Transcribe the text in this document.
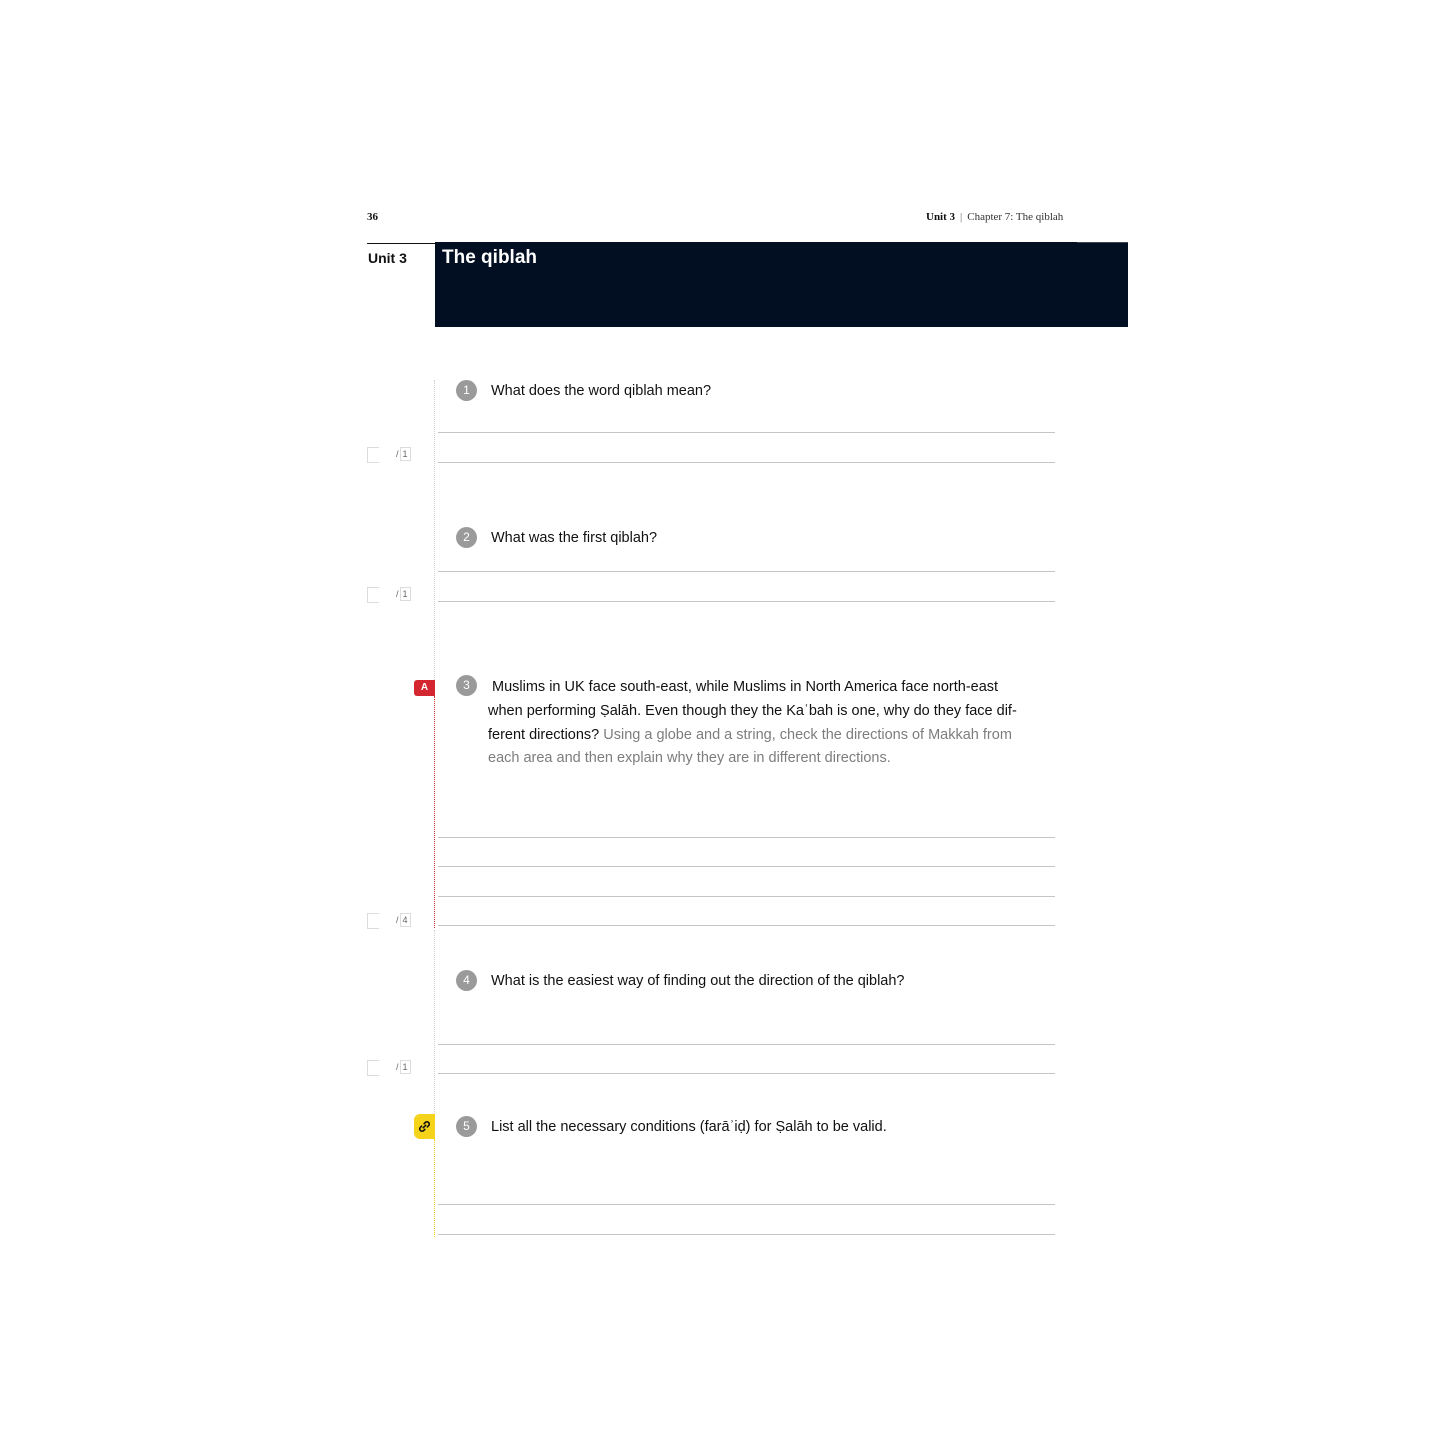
36	Unit 3 | Chapter 7: The qiblah
Unit 3 The qiblah
1	What does the word qiblah mean?
/ 1
2	What was the first qiblah?
/ 1
A	3	Muslims in UK face south-east, while Muslims in North America face north-east
when performing Ṣalāh. Even though they the Kaʿbah is one, why do they face dif-
ferent directions? Using a globe and a string, check the directions of Makkah from
each area and then explain why they are in different directions.
/ 4
4	What is the easiest way of finding out the direction of the qiblah?
/ 1
5	List all the necessary conditions (farāʾiḍ) for Ṣalāh to be valid.
